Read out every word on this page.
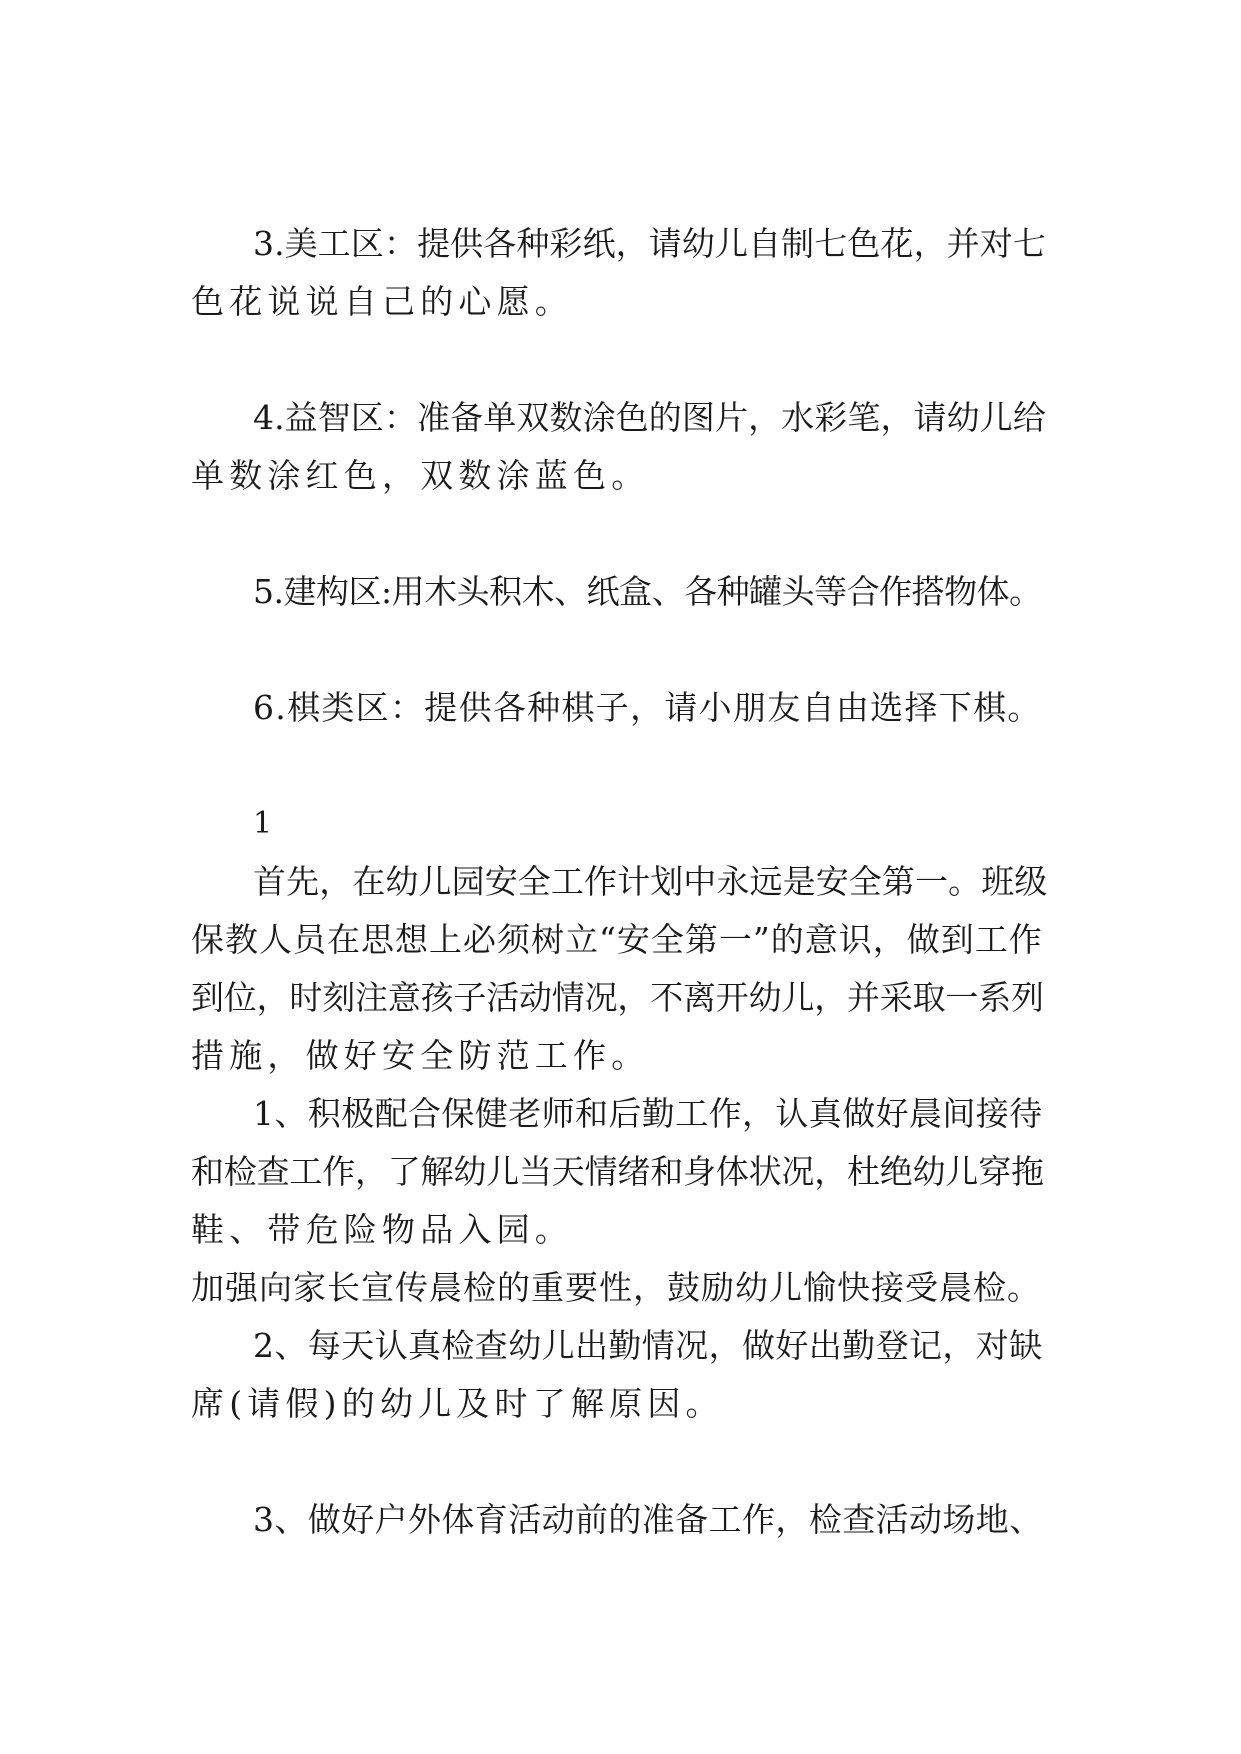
3.美工区：提供各种彩纸，请幼儿自制七色花，并对七
色花说说自己的心愿。
4.益智区：准备单双数涂色的图片，水彩笔，请幼儿给
单数涂红色，双数涂蓝色。
5.建构区:用木头积木、纸盒、各种罐头等合作搭物体。
6.棋类区：提供各种棋子，请小朋友自由选择下棋。
1
首先，在幼儿园安全工作计划中永远是安全第一。班级
保教人员在思想上必须树立“安全第一”的意识，做到工作
到位，时刻注意孩子活动情况，不离开幼儿，并采取一系列
措施，做好安全防范工作。
1、积极配合保健老师和后勤工作，认真做好晨间接待
和检查工作，了解幼儿当天情绪和身体状况，杜绝幼儿穿拖
鞋、带危险物品入园。
加强向家长宣传晨检的重要性，鼓励幼儿愉快接受晨检。
2、每天认真检查幼儿出勤情况，做好出勤登记，对缺
席(请假)的幼儿及时了解原因。
3、做好户外体育活动前的准备工作，检查活动场地、
